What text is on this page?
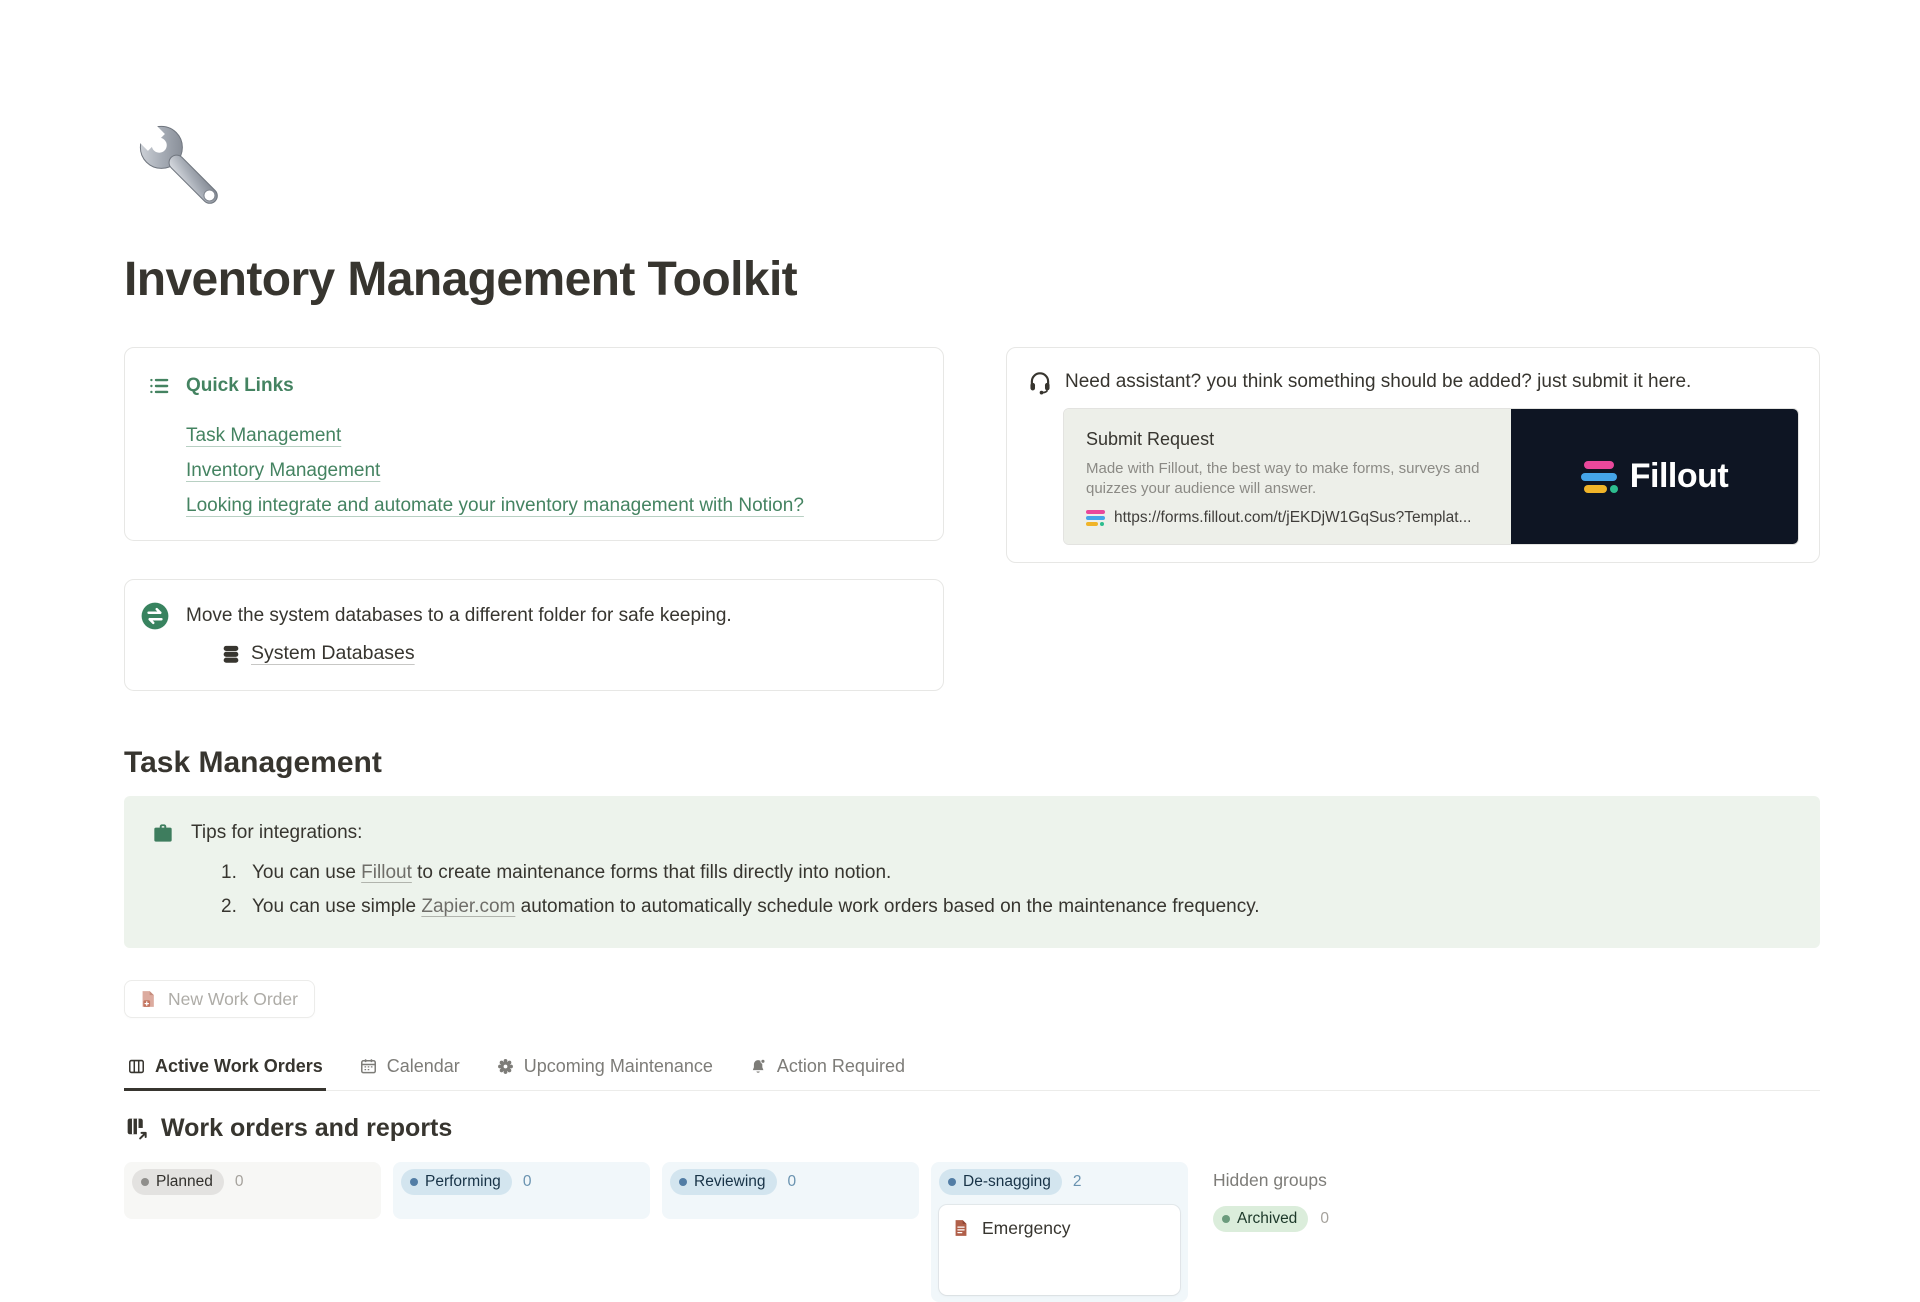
Inventory Management Toolkit
Quick Links
Task Management
Inventory Management
Looking integrate and automate your inventory management with Notion?
Need assistant? you think something should be added? just submit it here.
Submit Request
Made with Fillout, the best way to make forms, surveys and quizzes your audience will answer.
https://forms.fillout.com/t/jEKDjW1GqSus?Templat...
Fillout
Move the system databases to a different folder for safe keeping.
System Databases
Task Management
Tips for integrations:
1. You can use Fillout to create maintenance forms that fills directly into notion.
2. You can use simple Zapier.com automation to automatically schedule work orders based on the maintenance frequency.
New Work Order
Active Work Orders	Calendar	Upcoming Maintenance	Action Required
Work orders and reports
Planned 0	Performing 0	Reviewing 0	De-snagging 2
Emergency
Hidden groups
Archived 0
